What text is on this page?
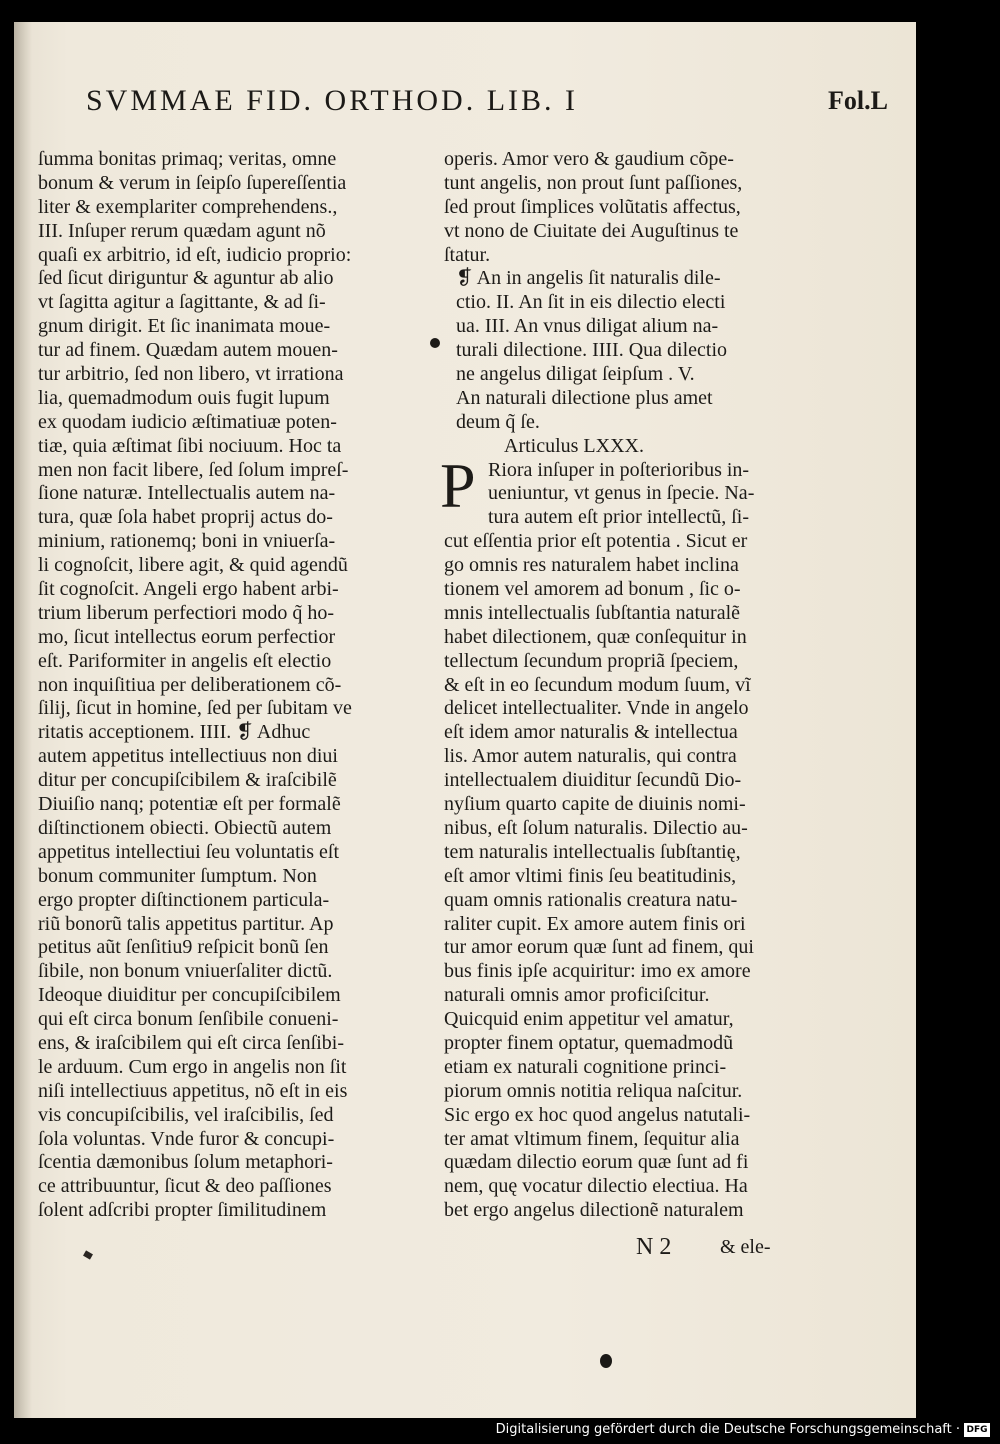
SVMMAE FID. ORTHOD. LIB. I	Fol.L
ſumma bonitas primaq; veritas, omne
bonum & verum in ſeipſo ſupereſſentia
liter & exemplariter comprehendens.,
III. Inſuper rerum quædam agunt nõ
quaſi ex arbitrio, id eſt, iudicio proprio:
ſed ſicut diriguntur & aguntur ab alio
vt ſagitta agitur a ſagittante, & ad ſi-
gnum dirigit. Et ſic inanimata moue-
tur ad finem. Quædam autem mouen-
tur arbitrio, ſed non libero, vt irrationa
lia, quemadmodum ouis fugit lupum
ex quodam iudicio æſtimatiuæ poten-
tiæ, quia æſtimat ſibi nociuum. Hoc ta
men non facit libere, ſed ſolum impreſ-
ſione naturæ. Intellectualis autem na-
tura, quæ ſola habet proprij actus do-
minium, rationemq; boni in vniuerſa-
li cognoſcit, libere agit, & quid agendũ
ſit cognoſcit. Angeli ergo habent arbi-
trium liberum perfectiori modo q̃ ho-
mo, ſicut intellectus eorum perfectior
eſt. Pariformiter in angelis eſt electio
non inquiſitiua per deliberationem cõ-
ſilij, ſicut in homine, ſed per ſubitam ve
ritatis acceptionem. IIII. ❡ Adhuc
autem appetitus intellectiuus non diui
ditur per concupiſcibilem & iraſcibilẽ
Diuiſio nanq; potentiæ eſt per formalẽ
diſtinctionem obiecti. Obiectũ autem
appetitus intellectiui ſeu voluntatis eſt
bonum communiter ſumptum. Non
ergo propter diſtinctionem particula-
riũ bonorũ talis appetitus partitur. Ap
petitus aũt ſenſitiu9 reſpicit bonũ ſen
ſibile, non bonum vniuerſaliter dictũ.
Ideoque diuiditur per concupiſcibilem
qui eſt circa bonum ſenſibile conueni-
ens, & iraſcibilem qui eſt circa ſenſibi-
le arduum. Cum ergo in angelis non ſit
niſi intellectiuus appetitus, nõ eſt in eis
vis concupiſcibilis, vel iraſcibilis, ſed
ſola voluntas. Vnde furor & concupi-
ſcentia dæmonibus ſolum metaphori-
ce attribuuntur, ſicut & deo paſſiones
ſolent adſcribi propter ſimilitudinem
operis. Amor vero & gaudium cõpe-
tunt angelis, non prout ſunt paſſiones,
ſed prout ſimplices volũtatis affectus,
vt nono de Ciuitate dei Auguſtinus te
ſtatur.
❡ An in angelis ſit naturalis dile-
ctio. II. An ſit in eis dilectio electi
ua. III. An vnus diligat alium na-
turali dilectione. IIII. Qua dilectio
ne angelus diligat ſeipſum . V.
An naturali dilectione plus amet
deum q̃ ſe.
Articulus LXXX.
P Riora inſuper in poſterioribus in-
ueniuntur, vt genus in ſpecie. Na-
tura autem eſt prior intellectũ, ſi-
cut eſſentia prior eſt potentia . Sicut er
go omnis res naturalem habet inclina
tionem vel amorem ad bonum , ſic o-
mnis intellectualis ſubſtantia naturalẽ
habet dilectionem, quæ conſequitur in
tellectum ſecundum propriã ſpeciem,
& eſt in eo ſecundum modum ſuum, vĩ
delicet intellectualiter. Vnde in angelo
eſt idem amor naturalis & intellectua
lis. Amor autem naturalis, qui contra
intellectualem diuiditur ſecundũ Dio-
nyſium quarto capite de diuinis nomi-
nibus, eſt ſolum naturalis. Dilectio au-
tem naturalis intellectualis ſubſtantię,
eſt amor vltimi finis ſeu beatitudinis,
quam omnis rationalis creatura natu-
raliter cupit. Ex amore autem finis ori
tur amor eorum quæ ſunt ad finem, qui
bus finis ipſe acquiritur: imo ex amore
naturali omnis amor proficiſcitur.
Quicquid enim appetitur vel amatur,
propter finem optatur, quemadmodũ
etiam ex naturali cognitione princi-
piorum omnis notitia reliqua naſcitur.
Sic ergo ex hoc quod angelus natutali-
ter amat vltimum finem, ſequitur alia
quædam dilectio eorum quæ ſunt ad fi
nem, quę vocatur dilectio electiua. Ha
bet ergo angelus dilectionẽ naturalem
N 2 & ele-
Digitalisierung gefördert durch die Deutsche Forschungsgemeinschaft · DFG
